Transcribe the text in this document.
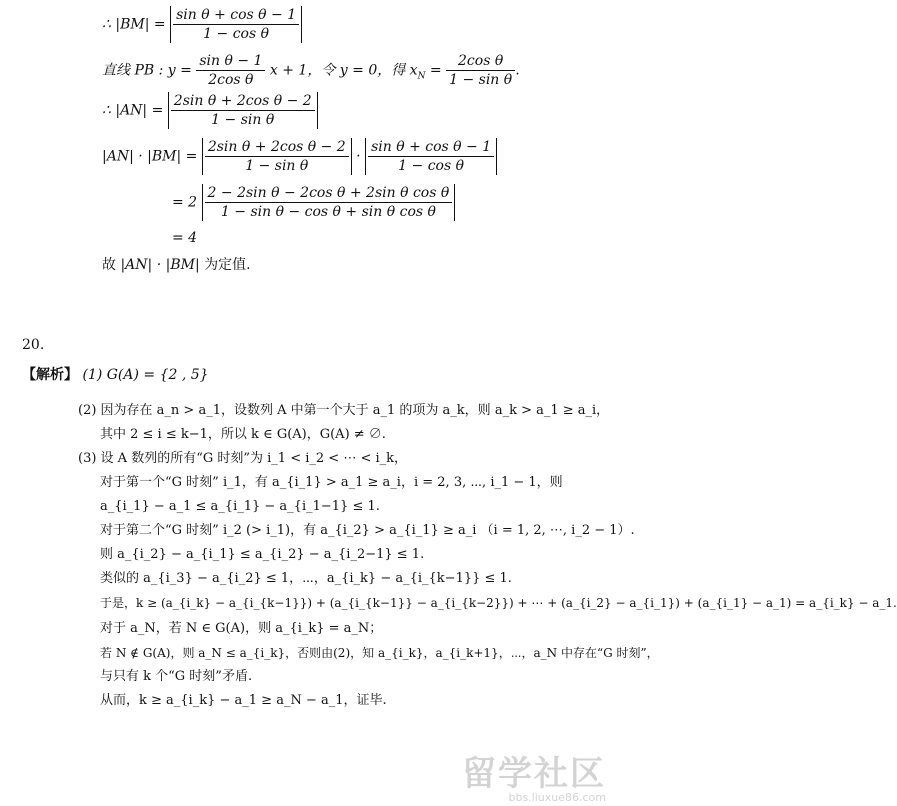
∴ $|BM| = \frac{\text{sin θ + cos θ − 1}}{\text{1 − cos θ}}$
直线 PB : $y = \frac{\text{sin θ − 1}}{\text{2cos θ}}$ x + 1，令 y = 0，得 $x_N = \frac{\text{2cos θ}}{\text{1 − sin θ}}$ .
∴ $|AN| = \frac{\text{2sin θ + 2cos θ − 2}}{\text{1 − sin θ}}$
$|AN| \cdot |BM| = \frac{\text{2sin θ + 2cos θ − 2}}{\text{1 − sin θ}} \cdot \frac{\text{sin θ + cos θ − 1}}{\text{1 − cos θ}}$
= $2 \frac{\text{2 − 2sin θ − 2cos θ + 2sin θ cos θ}}{\text{1 − sin θ − cos θ + sin θ cos θ}}$
= 4
故 |AN| · |BM| 为定值.
20.
【解析】 (1) G(A) = {2 , 5}
(2) 因为存在 a_n > a_1，设数列 A 中第一个大于 a_1 的项为 a_k，则 a_k > a_1 ≥ a_i，
其中 2 ≤ i ≤ k−1，所以 k ∈ G(A)，G(A) ≠ ∅.
(3) 设 A 数列的所有“G 时刻”为 i_1 < i_2 < ⋯ < i_k，
对于第一个“G 时刻” i_1，有 a_{i_1} > a_1 ≥ a_i，i = 2, 3, ⋯, i_1 − 1，则
a_{i_1} − a_1 ≤ a_{i_1} − a_{i_1−1} ≤ 1.
对于第二个“G 时刻” i_2 (> i_1)，有 a_{i_2} > a_{i_1} ≥ a_i （i = 1, 2, ⋯, i_2 − 1）.
则 a_{i_2} − a_{i_1} ≤ a_{i_2} − a_{i_2−1} ≤ 1.
类似的 a_{i_3} − a_{i_2} ≤ 1，⋯，a_{i_k} − a_{i_{k−1}} ≤ 1.
于是，k ≥ (a_{i_k} − a_{i_{k−1}}) + (a_{i_{k−1}} − a_{i_{k−2}}) + ⋯ + (a_{i_2} − a_{i_1}) + (a_{i_1} − a_1) = a_{i_k} − a_1.
对于 a_N，若 N ∈ G(A)，则 a_{i_k} = a_N；
若 N ∉ G(A)，则 a_N ≤ a_{i_k}，否则由(2)，知 a_{i_k}，a_{i_k+1}，⋯，a_N 中存在“G 时刻”，
与只有 k 个“G 时刻”矛盾.
从而，k ≥ a_{i_k} − a_1 ≥ a_N − a_1，证毕.
留学社区
bbs.liuxue86.com
